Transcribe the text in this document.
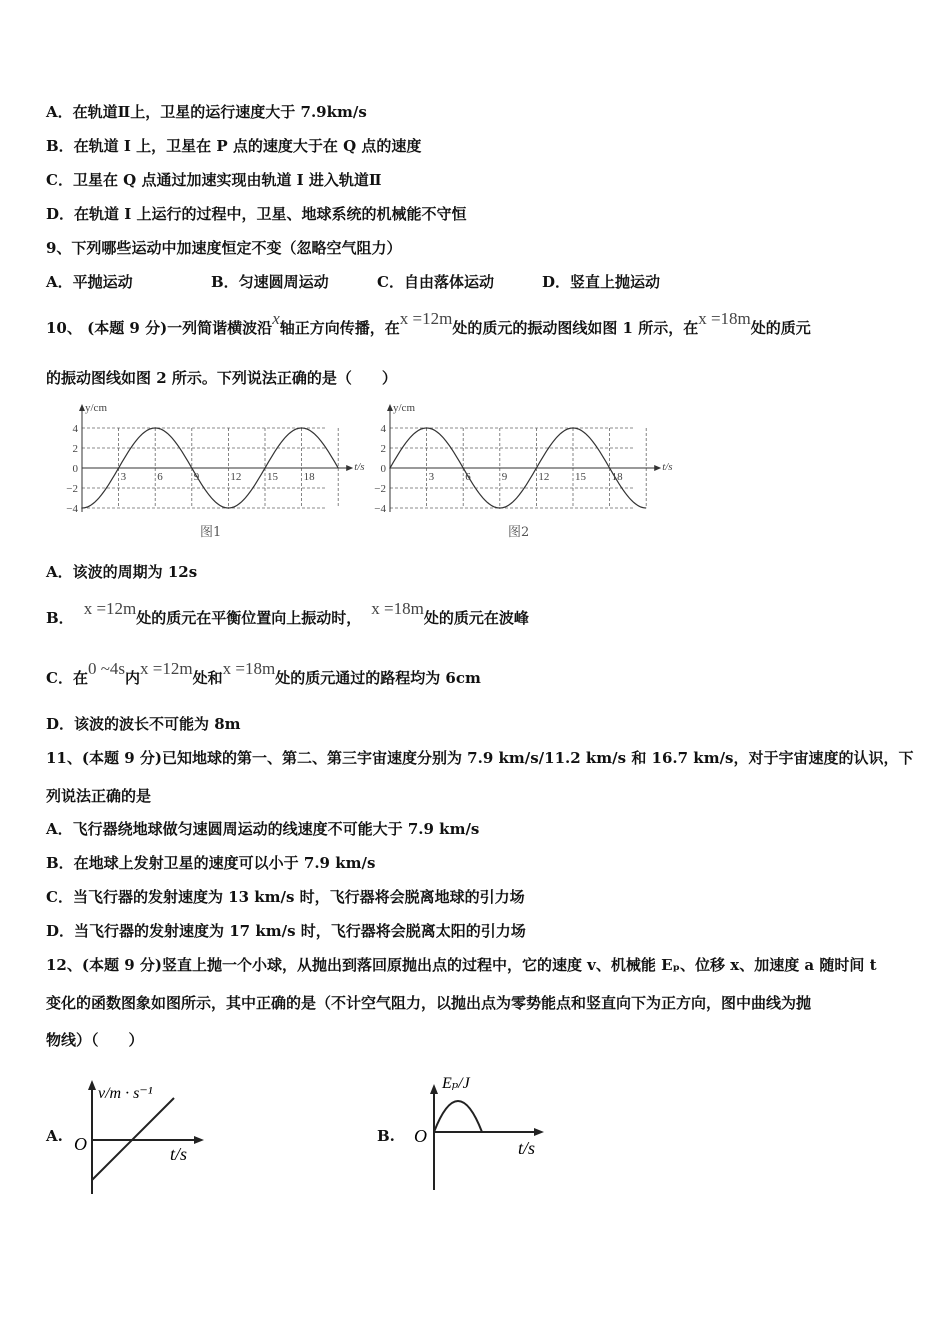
A．在轨道Ⅱ上，卫星的运行速度大于 7.9km/s
B．在轨道 I 上，卫星在 P 点的速度大于在 Q 点的速度
C．卫星在 Q 点通过加速实现由轨道 I 进入轨道Ⅱ
D．在轨道 I 上运行的过程中，卫星、地球系统的机械能不守恒
9、下列哪些运动中加速度恒定不变（忽略空气阻力）
A．平抛运动	B．匀速圆周运动	C．自由落体运动	D．竖直上抛运动
10、 (本题 9 分)一列简谐横波沿x轴正方向传播，在x =12m处的质元的振动图线如图 1 所示，在x =18m处的质元
的振动图线如图 2 所示。下列说法正确的是（　　）
4
2
0
−2
−4
3	6	9	12 15 18
y/cm
t/s
图1
4
2
0
−2
−4
3	6	9	12 15 18
y/cm
t/s
图2
A．该波的周期为 12s
B． x =12m处的质元在平衡位置向上振动时， x =18m处的质元在波峰
C．在0 ~4s内x =12m处和x =18m处的质元通过的路程均为 6cm
D．该波的波长不可能为 8m
11、(本题 9 分)已知地球的第一、第二、第三宇宙速度分别为 7.9 km/s/11.2 km/s 和 16.7 km/s，对于宇宙速度的认识，下
列说法正确的是
A．飞行器绕地球做匀速圆周运动的线速度不可能大于 7.9 km/s
B．在地球上发射卫星的速度可以小于 7.9 km/s
C．当飞行器的发射速度为 13 km/s 时，飞行器将会脱离地球的引力场
D．当飞行器的发射速度为 17 km/s 时，飞行器将会脱离太阳的引力场
12、(本题 9 分)竖直上抛一个小球，从抛出到落回原抛出点的过程中，它的速度 v、机械能 Eₚ、位移 x、加速度 a 随时间 t
变化的函数图象如图所示，其中正确的是（不计空气阻力，以抛出点为零势能点和竖直向下为正方向，图中曲线为抛
物线）（　　）
A. O	t/s
v/m · s⁻¹
B. O
t/s
Eₚ/J
